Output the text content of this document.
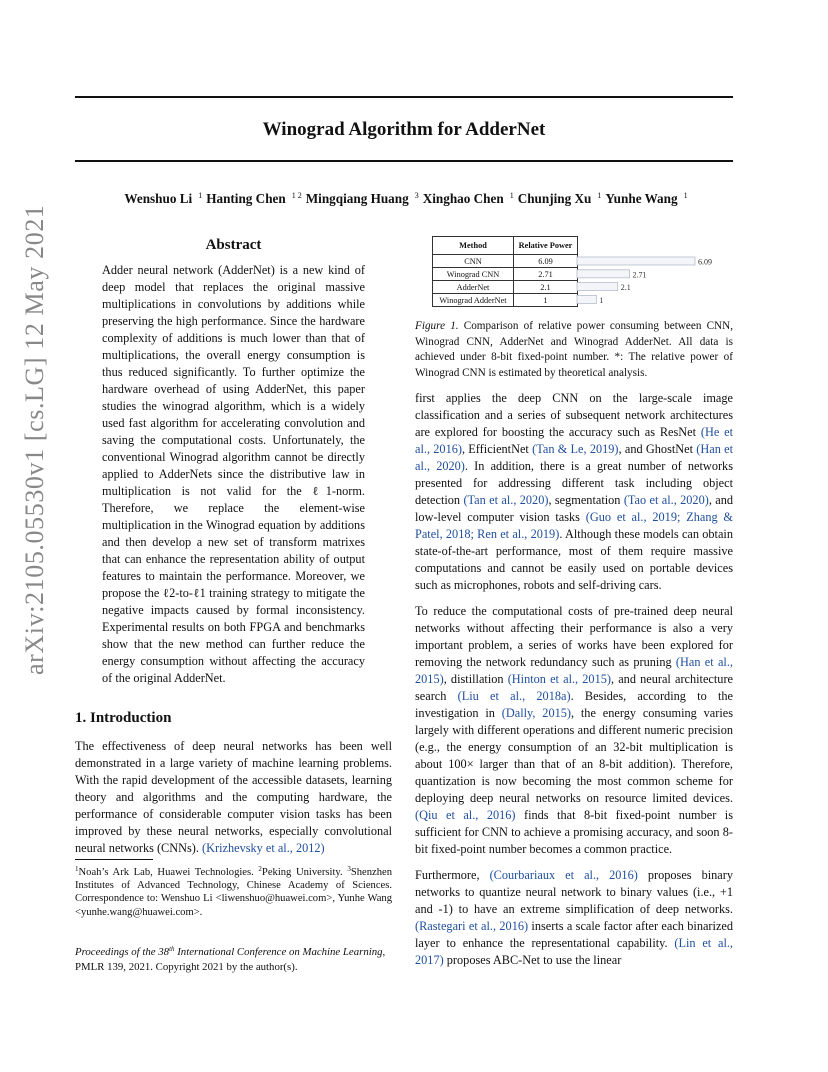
Winograd Algorithm for AdderNet
Wenshuo Li $^1$ Hanting Chen $^{1 2}$ Mingqiang Huang $^3$ Xinghao Chen $^1$ Chunjing Xu $^1$ Yunhe Wang $^1$
arXiv:2105.05530v1 [cs.LG] 12 May 2021	Abstract

Adder neural network (AdderNet) is a new kind of deep model that replaces the original massive multiplications in convolutions by additions while preserving the high performance. Since the hardware complexity of additions is much lower than that of multiplications, the overall energy consumption is thus reduced significantly. To further optimize the hardware overhead of using AdderNet, this paper studies the winograd algorithm, which is a widely used fast algorithm for accelerating convolution and saving the computational costs. Unfortunately, the conventional Winograd algorithm cannot be directly applied to AdderNets since the distributive law in multiplication is not valid for the ℓ1-norm. Therefore, we replace the element-wise multiplication in the Winograd equation by additions and then develop a new set of transform matrixes that can enhance the representation ability of output features to maintain the performance. Moreover, we propose the ℓ2-to-ℓ1 training strategy to mitigate the negative impacts caused by formal inconsistency. Experimental results on both FPGA and benchmarks show that the new method can further reduce the energy consumption without affecting the accuracy of the original AdderNet.

1. Introduction

The effectiveness of deep neural networks has been well demonstrated in a large variety of machine learning problems. With the rapid development of the accessible datasets, learning theory and algorithms and the computing hardware, the performance of considerable computer vision tasks has been improved by these neural networks, especially convolutional neural networks (CNNs). (Krizhevsky et al., 2012)

$^1$Noah’s Ark Lab, Huawei Technologies. $^2$Peking University. $^3$Shenzhen Institutes of Advanced Technology, Chinese Academy of Sciences. Correspondence to: Wenshuo Li <liwenshuo@huawei.com>, Yunhe Wang <yunhe.wang@huawei.com>.

Proceedings of the 38th International Conference on Machine Learning, PMLR 139, 2021. Copyright 2021 by the author(s).

Method	Relative Power
CNN	6.09
Winograd CNN	2.71
AdderNet	2.1
Winograd AdderNet	1
6.09
2.71
2.1
1

Figure 1. Comparison of relative power consuming between CNN, Winograd CNN, AdderNet and Winograd AdderNet. All data is achieved under 8-bit fixed-point number. *: The relative power of Winograd CNN is estimated by theoretical analysis.

first applies the deep CNN on the large-scale image classification and a series of subsequent network architectures are explored for boosting the accuracy such as ResNet (He et al., 2016), EfficientNet (Tan & Le, 2019), and GhostNet (Han et al., 2020). In addition, there is a great number of networks presented for addressing different task including object detection (Tan et al., 2020), segmentation (Tao et al., 2020), and low-level computer vision tasks (Guo et al., 2019; Zhang & Patel, 2018; Ren et al., 2019). Although these models can obtain state-of-the-art performance, most of them require massive computations and cannot be easily used on portable devices such as microphones, robots and self-driving cars.

To reduce the computational costs of pre-trained deep neural networks without affecting their performance is also a very important problem, a series of works have been explored for removing the network redundancy such as pruning (Han et al., 2015), distillation (Hinton et al., 2015), and neural architecture search (Liu et al., 2018a). Besides, according to the investigation in (Dally, 2015), the energy consuming varies largely with different operations and different numeric precision (e.g., the energy consumption of an 32-bit multiplication is about 100× larger than that of an 8-bit addition). Therefore, quantization is now becoming the most common scheme for deploying deep neural networks on resource limited devices. (Qiu et al., 2016) finds that 8-bit fixed-point number is sufficient for CNN to achieve a promising accuracy, and soon 8-bit fixed-point number becomes a common practice.

Furthermore, (Courbariaux et al., 2016) proposes binary networks to quantize neural network to binary values (i.e., +1 and -1) to have an extreme simplification of deep networks. (Rastegari et al., 2016) inserts a scale factor after each binarized layer to enhance the representational capability. (Lin et al., 2017) proposes ABC-Net to use the linear
